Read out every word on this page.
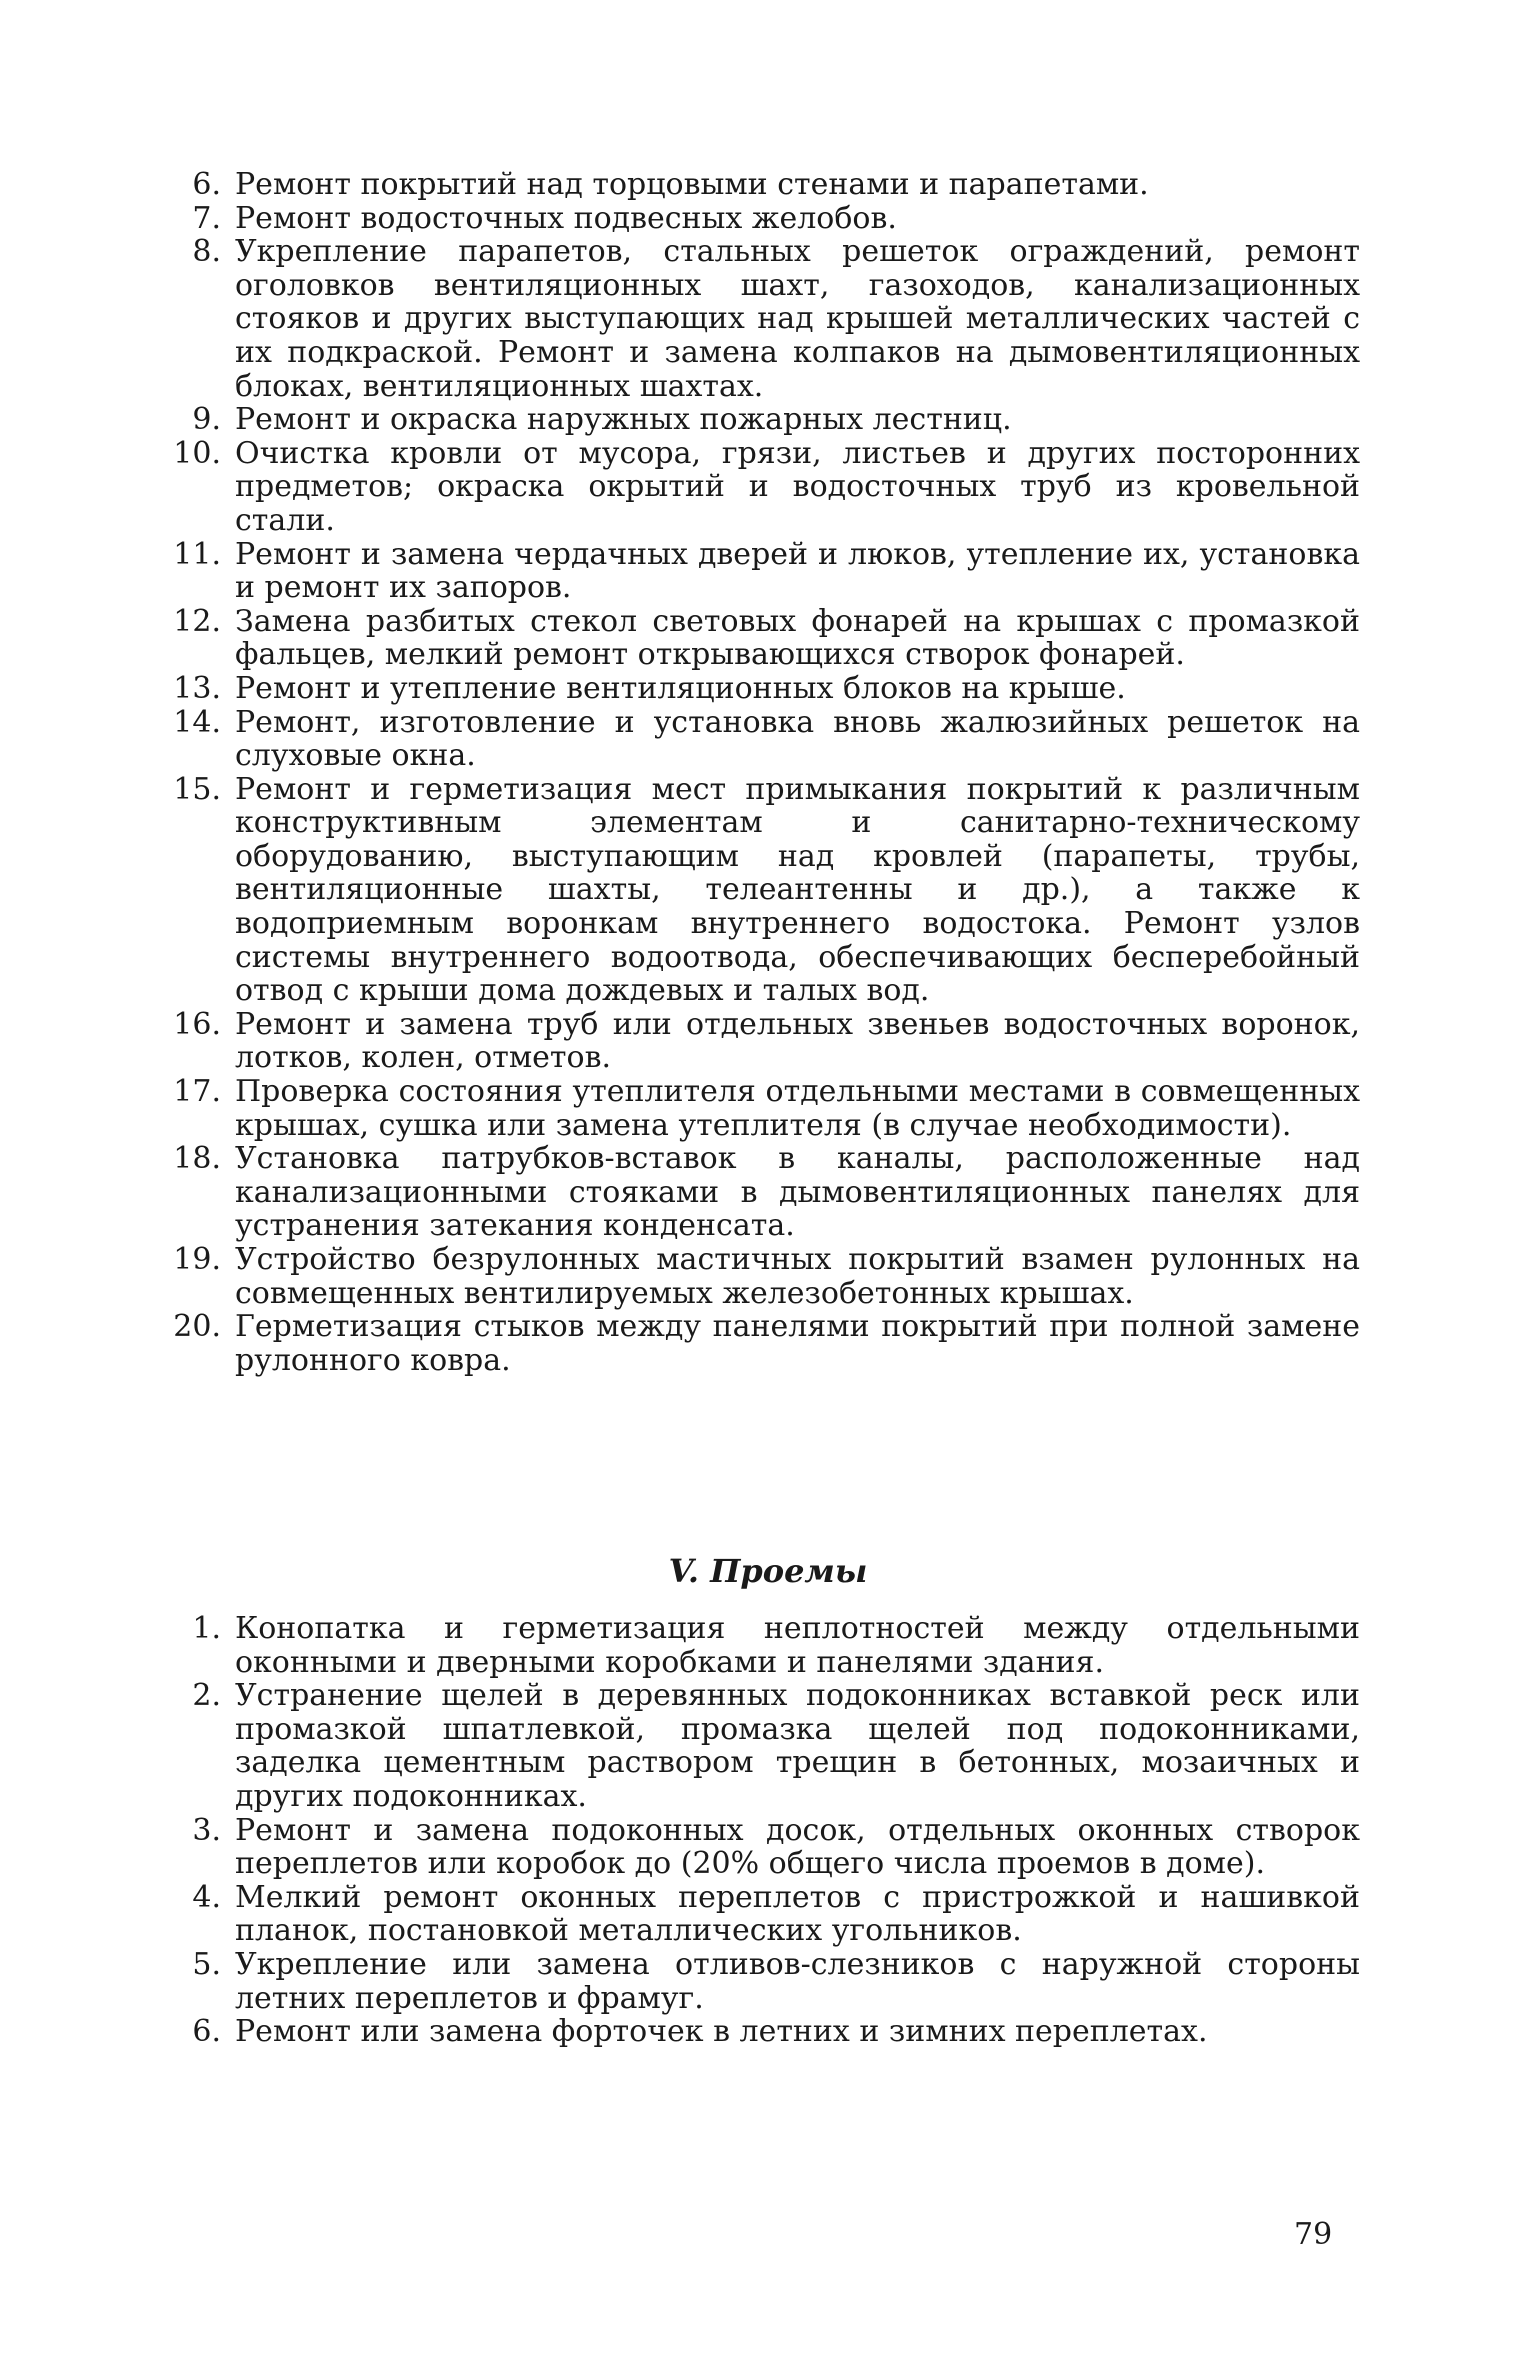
6. Ремонт покрытий над торцовыми стенами и парапетами.
7. Ремонт водосточных подвесных желобов.
8. Укрепление парапетов, стальных решеток ограждений, ремонт оголовков вентиляционных шахт, газоходов, канализационных стояков и других выступающих над крышей металлических частей с их подкраской. Ремонт и замена колпаков на дымовентиляционных блоках, вентиляционных шахтах.
9. Ремонт и окраска наружных пожарных лестниц.
10. Очистка кровли от мусора, грязи, листьев и других посторонних предметов; окраска окрытий и водосточных труб из кровельной стали.
11. Ремонт и замена чердачных дверей и люков, утепление их, установка и ремонт их запоров.
12. Замена разбитых стекол световых фонарей на крышах с промазкой фальцев, мелкий ремонт открывающихся створок фонарей.
13. Ремонт и утепление вентиляционных блоков на крыше.
14. Ремонт, изготовление и установка вновь жалюзийных решеток на слуховые окна.
15. Ремонт и герметизация мест примыкания покрытий к различным конструктивным элементам и санитарно-техническому оборудованию, выступающим над кровлей (парапеты, трубы, вентиляционные шахты, телеантенны и др.), а также к водоприемным воронкам внутреннего водостока. Ремонт узлов системы внутреннего водоотвода, обеспечивающих бесперебойный отвод с крыши дома дождевых и талых вод.
16. Ремонт и замена труб или отдельных звеньев водосточных воронок, лотков, колен, отметов.
17. Проверка состояния утеплителя отдельными местами в совмещенных крышах, сушка или замена утеплителя (в случае необходимости).
18. Установка патрубков-вставок в каналы, расположенные над канализационными стояками в дымовентиляционных панелях для устранения затекания конденсата.
19. Устройство безрулонных мастичных покрытий взамен рулонных на совмещенных вентилируемых железобетонных крышах.
20. Герметизация стыков между панелями покрытий при полной замене рулонного ковра.
V. Проемы
1. Конопатка и герметизация неплотностей между отдельными оконными и дверными коробками и панелями здания.
2. Устранение щелей в деревянных подоконниках вставкой реск или промазкой шпатлевкой, промазка щелей под подоконниками, заделка цементным раствором трещин в бетонных, мозаичных и других подоконниках.
3. Ремонт и замена подоконных досок, отдельных оконных створок переплетов или коробок до (20% общего числа проемов в доме).
4. Мелкий ремонт оконных переплетов с пристрожкой и нашивкой планок, постановкой металлических угольников.
5. Укрепление или замена отливов-слезников с наружной стороны летних переплетов и фрамуг.
6. Ремонт или замена форточек в летних и зимних переплетах.
79
